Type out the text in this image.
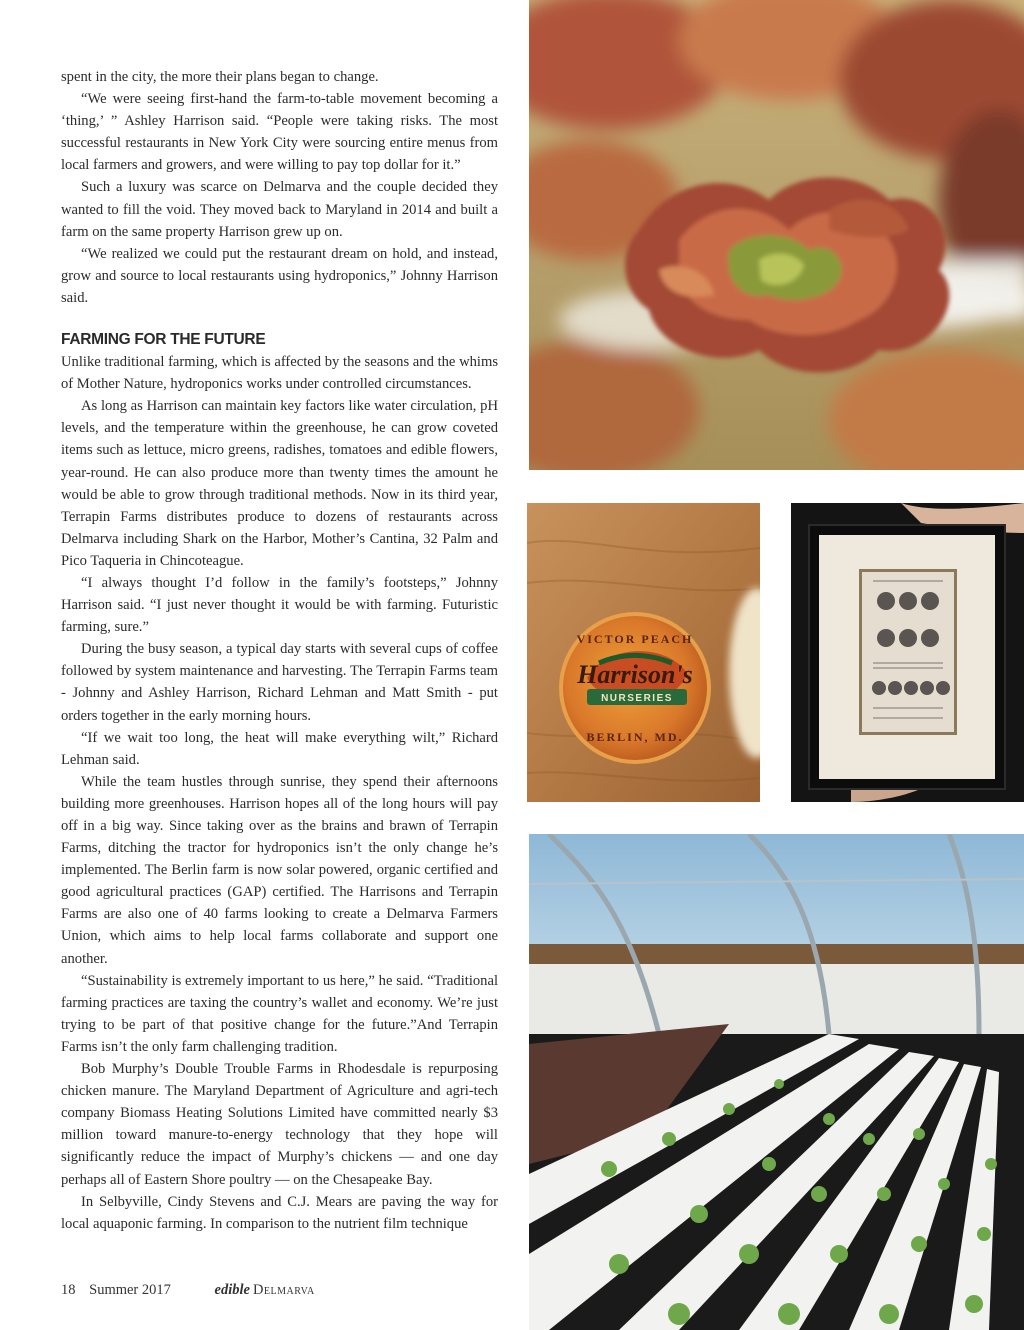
spent in the city, the more their plans began to change.

“We were seeing first-hand the farm-to-table movement becoming a ‘thing,’ ” Ashley Harrison said. “People were taking risks. The most successful restaurants in New York City were sourcing entire menus from local farmers and growers, and were willing to pay top dollar for it.”

Such a luxury was scarce on Delmarva and the couple decided they wanted to fill the void. They moved back to Maryland in 2014 and built a farm on the same property Harrison grew up on.

“We realized we could put the restaurant dream on hold, and instead, grow and source to local restaurants using hydroponics,” Johnny Harrison said.

FARMING FOR THE FUTURE

Unlike traditional farming, which is affected by the seasons and the whims of Mother Nature, hydroponics works under controlled circumstances.

As long as Harrison can maintain key factors like water circulation, pH levels, and the temperature within the greenhouse, he can grow coveted items such as lettuce, micro greens, radishes, tomatoes and edible flowers, year-round. He can also produce more than twenty times the amount he would be able to grow through traditional methods. Now in its third year, Terrapin Farms distributes produce to dozens of restaurants across Delmarva including Shark on the Harbor, Mother’s Cantina, 32 Palm and Pico Taqueria in Chincoteague.

“I always thought I’d follow in the family’s footsteps,” Johnny Harrison said. “I just never thought it would be with farming. Futuristic farming, sure.”

During the busy season, a typical day starts with several cups of coffee followed by system maintenance and harvesting. The Terrapin Farms team - Johnny and Ashley Harrison, Richard Lehman and Matt Smith - put orders together in the early morning hours.

“If we wait too long, the heat will make everything wilt,” Richard Lehman said.

While the team hustles through sunrise, they spend their afternoons building more greenhouses. Harrison hopes all of the long hours will pay off in a big way. Since taking over as the brains and brawn of Terrapin Farms, ditching the tractor for hydroponics isn’t the only change he’s implemented. The Berlin farm is now solar powered, organic certified and good agricultural practices (GAP) certified. The Harrisons and Terrapin Farms are also one of 40 farms looking to create a Delmarva Farmers Union, which aims to help local farms collaborate and support one another.

“Sustainability is extremely important to us here,” he said. “Traditional farming practices are taxing the country’s wallet and economy. We’re just trying to be part of that positive change for the future.”And Terrapin Farms isn’t the only farm challenging tradition.

Bob Murphy’s Double Trouble Farms in Rhodesdale is repurposing chicken manure. The Maryland Department of Agriculture and agri-tech company Biomass Heating Solutions Limited have committed nearly $3 million toward manure-to-energy technology that they hope will significantly reduce the impact of Murphy’s chickens — and one day perhaps all of Eastern Shore poultry — on the Chesapeake Bay.

In Selbyville, Cindy Stevens and C.J. Mears are paving the way for local aquaponic farming. In comparison to the nutrient film technique

18 Summer 2017	edible Delmarva
VICTOR PEACH
Harrison's
NURSERIES
BERLIN, MD.
